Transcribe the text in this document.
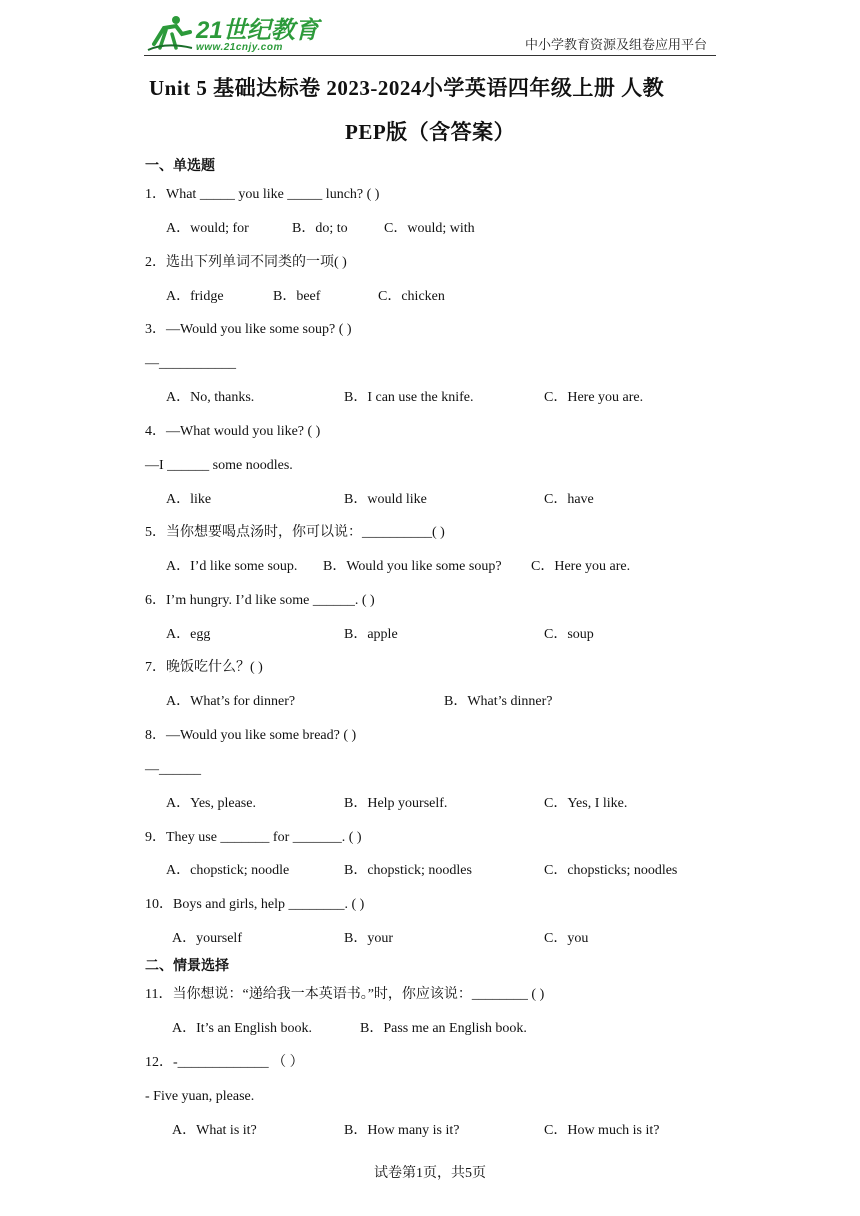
21世纪教育
www.21cnjy.com	中小学教育资源及组卷应用平台
Unit 5 基础达标卷 2023-2024小学英语四年级上册 人教
PEP版（含答案）
一、单选题
1．What _____ you like _____ lunch? ( )
A．would; for	B．do; to	C．would; with
2．选出下列单词不同类的一项( )
A．fridge	B．beef	C．chicken
3．—Would you like some soup? ( )
—___________
A．No, thanks.	B．I can use the knife.	C．Here you are.
4．—What would you like? ( )
—I ______ some noodles.
A．like	B．would like	C．have
5．当你想要喝点汤时，你可以说：__________( )
A．I’d like some soup. B．Would you like some soup? C．Here you are.
6．I’m hungry. I’d like some ______. ( )
A．egg	B．apple	C．soup
7．晚饭吃什么？( )
A．What’s for dinner?	B．What’s dinner?
8．—Would you like some bread? ( )
—______
A．Yes, please.	B．Help yourself.	C．Yes, I like.
9．They use _______ for _______. ( )
A．chopstick; noodle	B．chopstick; noodles	C．chopsticks; noodles
10．Boys and girls, help ________. ( )
A．yourself	B．your	C．you
二、情景选择
11．当你想说：“递给我一本英语书。”时，你应该说：________ ( )
A．It’s an English book.	B．Pass me an English book.
12．-_____________ （ ）
- Five yuan, please.
A．What is it?	B．How many is it?	C．How much is it?
试卷第1页，共5页
